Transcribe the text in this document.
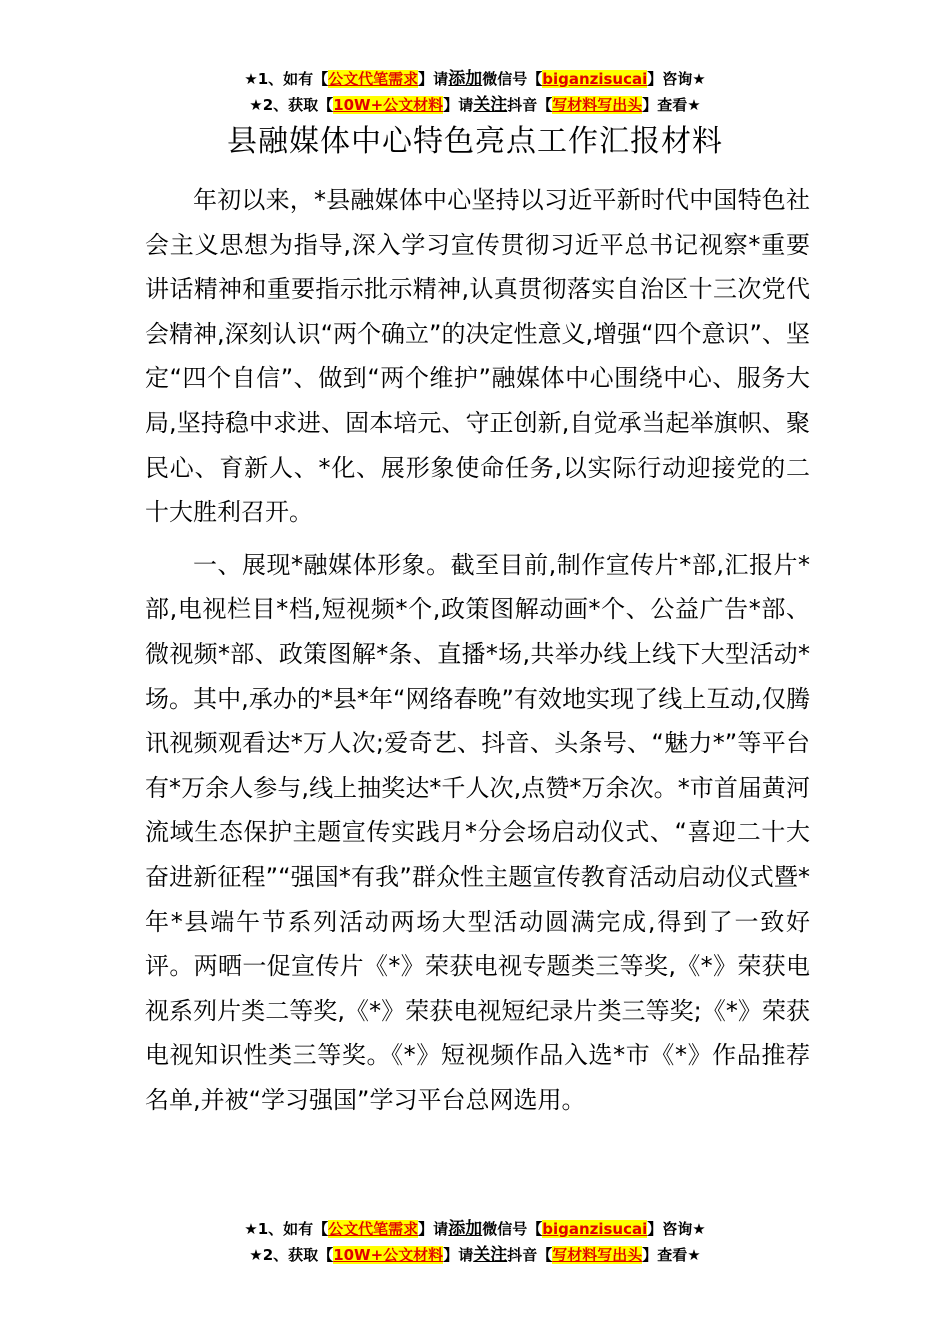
★1、如有【公文代笔需求】请添加微信号【biganzisucai】咨询★
★2、获取【10W+公文材料】请关注抖音【写材料写出头】查看★
县融媒体中心特色亮点工作汇报材料

年初以来，*县融媒体中心坚持以习近平新时代中国特色社会主义思想为指导,深入学习宣传贯彻习近平总书记视察*重要讲话精神和重要指示批示精神,认真贯彻落实自治区十三次党代会精神,深刻认识“两个确立”的决定性意义,增强“四个意识”、坚定“四个自信”、做到“两个维护”融媒体中心围绕中心、服务大局,坚持稳中求进、固本培元、守正创新,自觉承当起举旗帜、聚民心、育新人、*化、展形象使命任务,以实际行动迎接党的二十大胜利召开。

一、展现*融媒体形象。截至目前,制作宣传片*部,汇报片*部,电视栏目*档,短视频*个,政策图解动画*个、公益广告*部、微视频*部、政策图解*条、直播*场,共举办线上线下大型活动*场。其中,承办的*县*年“网络春晚”有效地实现了线上互动,仅腾讯视频观看达*万人次;爱奇艺、抖音、头条号、“魅力*”等平台有*万余人参与,线上抽奖达*千人次,点赞*万余次。*市首届黄河流域生态保护主题宣传实践月*分会场启动仪式、“喜迎二十大奋进新征程”“强国*有我”群众性主题宣传教育活动启动仪式暨*年*县端午节系列活动两场大型活动圆满完成,得到了一致好评。两晒一促宣传片《*》荣获电视专题类三等奖,《*》荣获电视系列片类二等奖,《*》荣获电视短纪录片类三等奖;《*》荣获电视知识性类三等奖。《*》短视频作品入选*市《*》作品推荐名单,并被“学习强国”学习平台总网选用。

★1、如有【公文代笔需求】请添加微信号【biganzisucai】咨询★
★2、获取【10W+公文材料】请关注抖音【写材料写出头】查看★
